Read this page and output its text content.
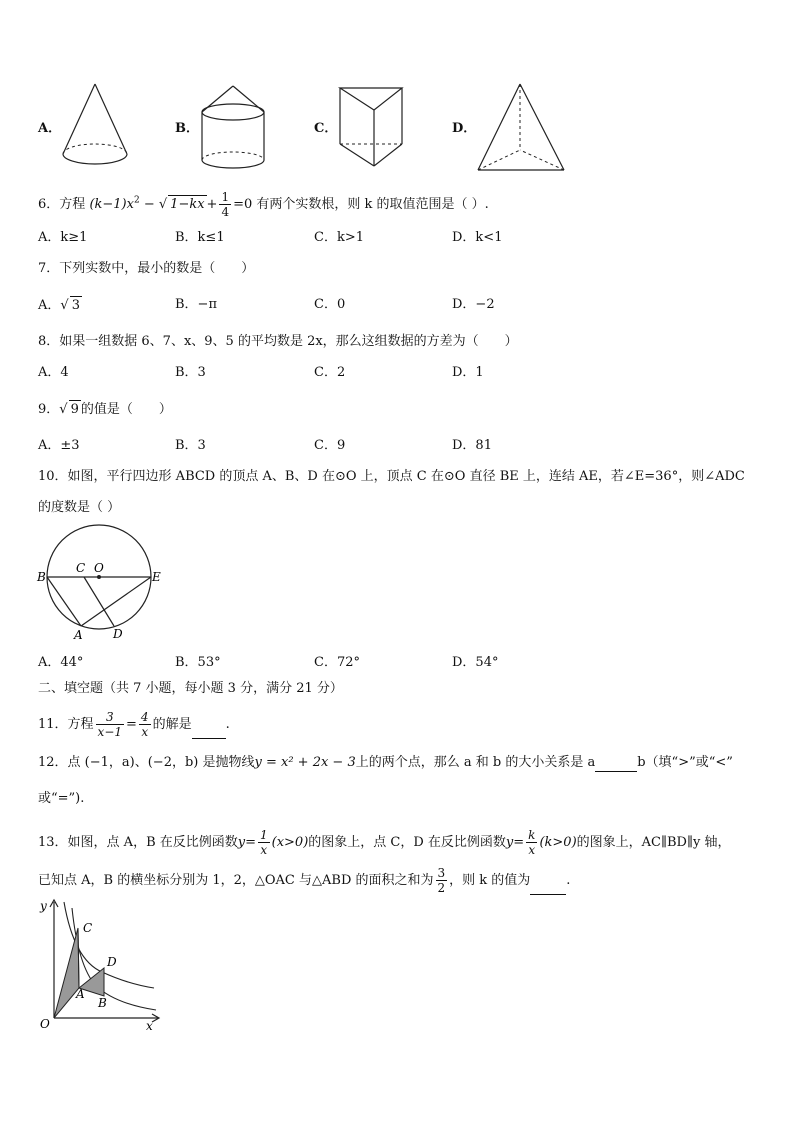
A．	B．	C．	D．
6．方程 $(k-1)x^2$ − √ $1-kx + \frac{1}{4} =0$ 有两个实数根，则 k 的取值范围是（ ）.
A．k≥1	B．k≤1	C．k>1	D．k<1
7．下列实数中，最小的数是（　　）
A．√ 3	B．−π	C．0	D．−2
8．如果一组数据 6、7、x、9、5 的平均数是 2x，那么这组数据的方差为（　　）
A．4	B．3	C．2	D．1
9．√ 9 的值是（　　）
A．±3	B．3	C．9	D．81
10．如图，平行四边形 ABCD 的顶点 A、B、D 在⊙O 上，顶点 C 在⊙O 直径 BE 上，连结 AE，若∠E=36°，则∠ADC
的度数是（ ）
B
C O
E
A	D
A．44°	B．53°	C．72°	D．54°
二、填空题（共 7 小题，每小题 3 分，满分 21 分）
11．方程 $\frac{3}{x-1} = \frac{4}{x}$ 的解是	.
12．点 (−1，a)、(−2，b) 是抛物线y = x² + 2x − 3上的两个点，那么 a 和 b 的大小关系是 a	b（填“>”或“<”
或“=”).
13．如图，点 A，B 在反比例函数$y= \frac{1}{x} (x>0)$的图象上，点 C，D 在反比例函数$y= \frac{k}{x} (k>0)$的图象上，AC∥BD∥y 轴，
已知点 A，B 的横坐标分别为 1，2，△OAC 与△ABD 的面积之和为 $\frac{3}{2}$ ，则 k 的值为	.
y
C
D
A
B
O	x
